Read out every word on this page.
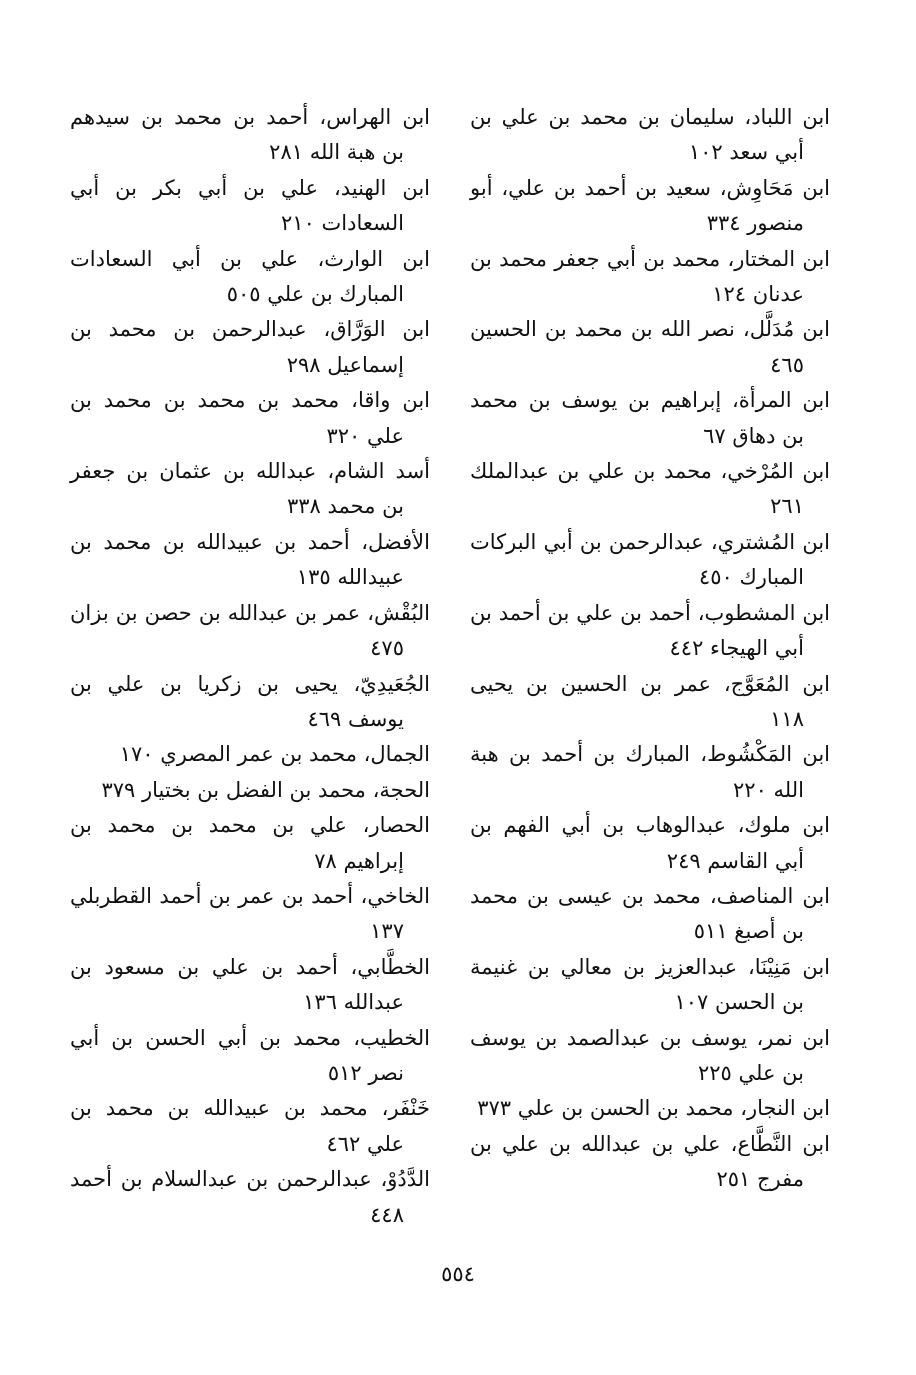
ابن اللباد، سليمان بن محمد بن علي بن أبي سعد ١٠٢
ابن مَحَاوِش، سعيد بن أحمد بن علي، أبو منصور ٣٣٤
ابن المختار، محمد بن أبي جعفر محمد بن عدنان ١٢٤
ابن مُدَلَّل، نصر الله بن محمد بن الحسين ٤٦٥
ابن المرأة، إبراهيم بن يوسف بن محمد بن دهاق ٦٧
ابن المُرْخي، محمد بن علي بن عبدالملك ٢٦١
ابن المُشتري، عبدالرحمن بن أبي البركات المبارك ٤٥٠
ابن المشطوب، أحمد بن علي بن أحمد بن أبي الهيجاء ٤٤٢
ابن المُعَوَّج، عمر بن الحسين بن يحيى ١١٨
ابن المَكْشُوط، المبارك بن أحمد بن هبة الله ٢٢٠
ابن ملوك، عبدالوهاب بن أبي الفهم بن أبي القاسم ٢٤٩
ابن المناصف، محمد بن عيسى بن محمد بن أصبغ ٥١١
ابن مَنِيْنَا، عبدالعزيز بن معالي بن غنيمة بن الحسن ١٠٧
ابن نمر، يوسف بن عبدالصمد بن يوسف بن علي ٢٢٥
ابن النجار، محمد بن الحسن بن علي ٣٧٣
ابن النَّطَّاع، علي بن عبدالله بن علي بن مفرج ٢٥١
ابن الهراس، أحمد بن محمد بن سيدهم بن هبة الله ٢٨١
ابن الهنيد، علي بن أبي بكر بن أبي السعادات ٢١٠
ابن الوارث، علي بن أبي السعادات المبارك بن علي ٥٠٥
ابن الوَرَّاق، عبدالرحمن بن محمد بن إسماعيل ٢٩٨
ابن واقا، محمد بن محمد بن محمد بن علي ٣٢٠
أسد الشام، عبدالله بن عثمان بن جعفر بن محمد ٣٣٨
الأفضل، أحمد بن عبيدالله بن محمد بن عبيدالله ١٣٥
البُقْش، عمر بن عبدالله بن حصن بن بزان ٤٧٥
الجُعَيدِيّ، يحيى بن زكريا بن علي بن يوسف ٤٦٩
الجمال، محمد بن عمر المصري ١٧٠
الحجة، محمد بن الفضل بن بختيار ٣٧٩
الحصار، علي بن محمد بن محمد بن إبراهيم ٧٨
الخاخي، أحمد بن عمر بن أحمد القطربلي ١٣٧
الخطَّابي، أحمد بن علي بن مسعود بن عبدالله ١٣٦
الخطيب، محمد بن أبي الحسن بن أبي نصر ٥١٢
خَنْفَر، محمد بن عبيدالله بن محمد بن علي ٤٦٢
الدَّدُوْ، عبدالرحمن بن عبدالسلام بن أحمد ٤٤٨
٥٥٤
